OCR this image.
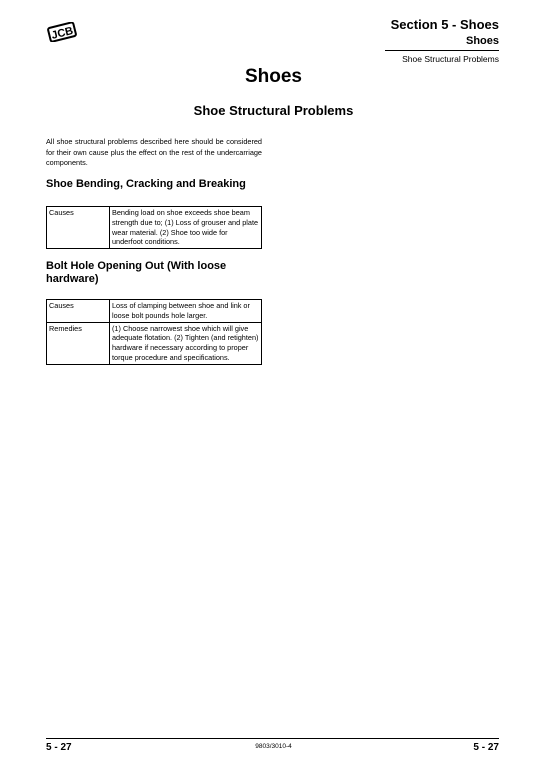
JCB
Section 5 - Shoes
Shoes
Shoe Structural Problems
Shoes
Shoe Structural Problems
All shoe structural problems described here should be considered for their own cause plus the effect on the rest of the undercarriage components.
Shoe Bending, Cracking and Breaking
Causes	Bending load on shoe exceeds shoe beam strength due to; (1) Loss of grouser and plate wear material. (2) Shoe too wide for underfoot conditions.
Bolt Hole Opening Out (With loose hardware)
Causes	Loss of clamping between shoe and link or loose bolt pounds hole larger.
Remedies	(1) Choose narrowest shoe which will give adequate flotation. (2) Tighten (and retighten) hardware if necessary according to proper torque procedure and specifications.
5 - 27	9803/3010-4	5 - 27
